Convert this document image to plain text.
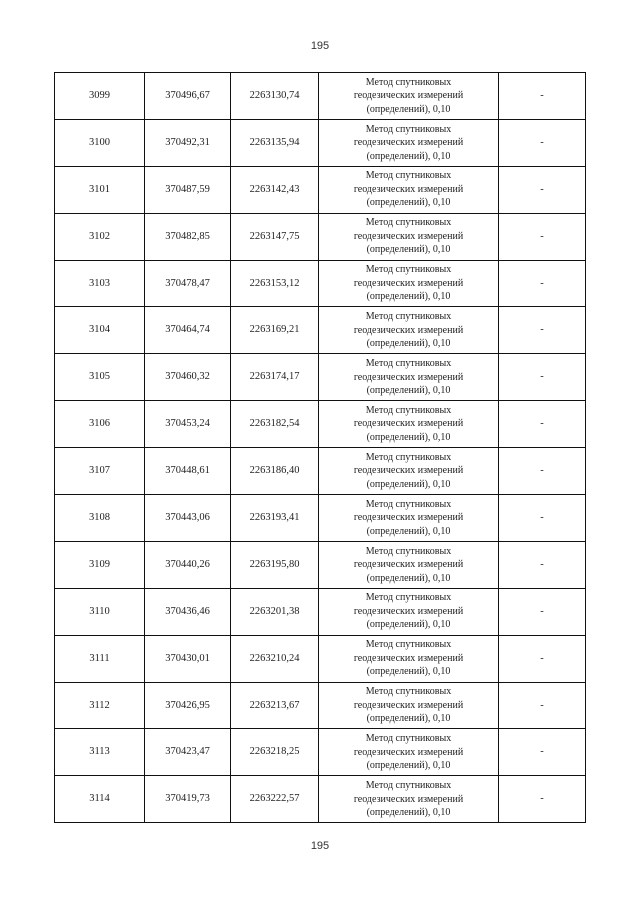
195
3099	370496,67	2263130,74	Метод спутниковых
геодезических измерений
(определений), 0,10	-
3100	370492,31	2263135,94	Метод спутниковых
геодезических измерений
(определений), 0,10	-
3101	370487,59	2263142,43	Метод спутниковых
геодезических измерений
(определений), 0,10	-
3102	370482,85	2263147,75	Метод спутниковых
геодезических измерений
(определений), 0,10	-
3103	370478,47	2263153,12	Метод спутниковых
геодезических измерений
(определений), 0,10	-
3104	370464,74	2263169,21	Метод спутниковых
геодезических измерений
(определений), 0,10	-
3105	370460,32	2263174,17	Метод спутниковых
геодезических измерений
(определений), 0,10	-
3106	370453,24	2263182,54	Метод спутниковых
геодезических измерений
(определений), 0,10	-
3107	370448,61	2263186,40	Метод спутниковых
геодезических измерений
(определений), 0,10	-
3108	370443,06	2263193,41	Метод спутниковых
геодезических измерений
(определений), 0,10	-
3109	370440,26	2263195,80	Метод спутниковых
геодезических измерений
(определений), 0,10	-
3110	370436,46	2263201,38	Метод спутниковых
геодезических измерений
(определений), 0,10	-
3111	370430,01	2263210,24	Метод спутниковых
геодезических измерений
(определений), 0,10	-
3112	370426,95	2263213,67	Метод спутниковых
геодезических измерений
(определений), 0,10	-
3113	370423,47	2263218,25	Метод спутниковых
геодезических измерений
(определений), 0,10	-
3114	370419,73	2263222,57	Метод спутниковых
геодезических измерений
(определений), 0,10	-
195
